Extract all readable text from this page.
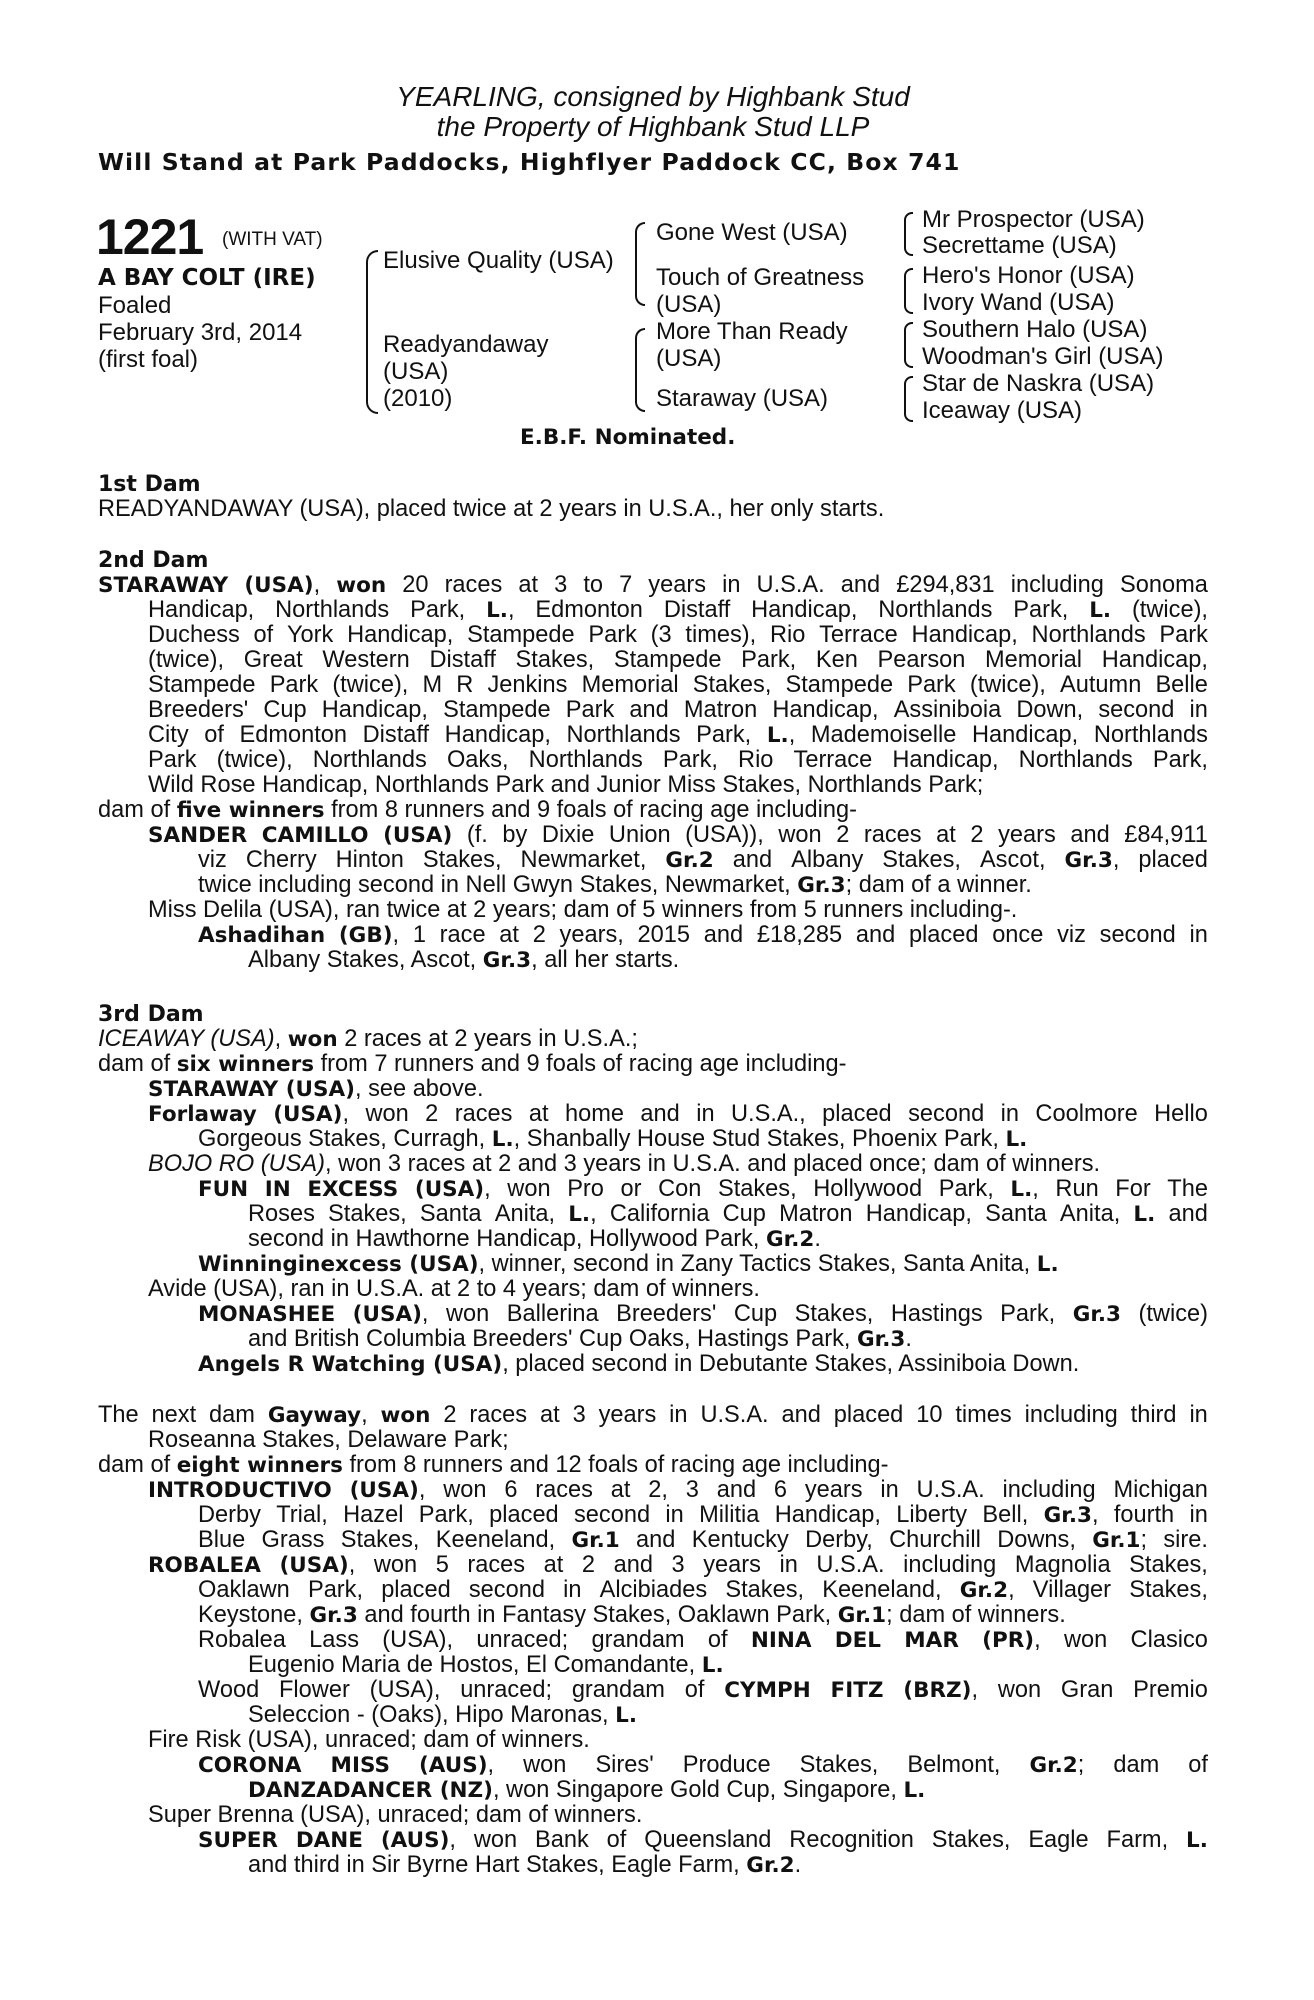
YEARLING, consigned by Highbank Stud
the Property of Highbank Stud LLP
Will Stand at Park Paddocks, Highflyer Paddock CC, Box 741
1221 (WITH VAT)
A BAY COLT (IRE)
Foaled
February 3rd, 2014
(first foal)
Elusive Quality (USA)
Readyandaway
(USA)
(2010)
Gone West (USA)
Touch of Greatness
(USA)
More Than Ready
(USA)
Staraway (USA)
Mr Prospector (USA)
Secrettame (USA)
Hero's Honor (USA)
Ivory Wand (USA)
Southern Halo (USA)
Woodman's Girl (USA)
Star de Naskra (USA)
Iceaway (USA)
E.B.F. Nominated.
1st Dam
READYANDAWAY (USA), placed twice at 2 years in U.S.A., her only starts.
2nd Dam
STARAWAY (USA), won 20 races at 3 to 7 years in U.S.A. and £294,831 including Sonoma
Handicap, Northlands Park, L., Edmonton Distaff Handicap, Northlands Park, L. (twice),
Duchess of York Handicap, Stampede Park (3 times), Rio Terrace Handicap, Northlands Park
(twice), Great Western Distaff Stakes, Stampede Park, Ken Pearson Memorial Handicap,
Stampede Park (twice), M R Jenkins Memorial Stakes, Stampede Park (twice), Autumn Belle
Breeders' Cup Handicap, Stampede Park and Matron Handicap, Assiniboia Down, second in
City of Edmonton Distaff Handicap, Northlands Park, L., Mademoiselle Handicap, Northlands
Park (twice), Northlands Oaks, Northlands Park, Rio Terrace Handicap, Northlands Park,
Wild Rose Handicap, Northlands Park and Junior Miss Stakes, Northlands Park;
dam of five winners from 8 runners and 9 foals of racing age including-
SANDER CAMILLO (USA) (f. by Dixie Union (USA)), won 2 races at 2 years and £84,911
viz Cherry Hinton Stakes, Newmarket, Gr.2 and Albany Stakes, Ascot, Gr.3, placed
twice including second in Nell Gwyn Stakes, Newmarket, Gr.3; dam of a winner.
Miss Delila (USA), ran twice at 2 years; dam of 5 winners from 5 runners including-.
Ashadihan (GB), 1 race at 2 years, 2015 and £18,285 and placed once viz second in
Albany Stakes, Ascot, Gr.3, all her starts.
3rd Dam
ICEAWAY (USA), won 2 races at 2 years in U.S.A.;
dam of six winners from 7 runners and 9 foals of racing age including-
STARAWAY (USA), see above.
Forlaway (USA), won 2 races at home and in U.S.A., placed second in Coolmore Hello
Gorgeous Stakes, Curragh, L., Shanbally House Stud Stakes, Phoenix Park, L.
BOJO RO (USA), won 3 races at 2 and 3 years in U.S.A. and placed once; dam of winners.
FUN IN EXCESS (USA), won Pro or Con Stakes, Hollywood Park, L., Run For The
Roses Stakes, Santa Anita, L., California Cup Matron Handicap, Santa Anita, L. and
second in Hawthorne Handicap, Hollywood Park, Gr.2.
Winninginexcess (USA), winner, second in Zany Tactics Stakes, Santa Anita, L.
Avide (USA), ran in U.S.A. at 2 to 4 years; dam of winners.
MONASHEE (USA), won Ballerina Breeders' Cup Stakes, Hastings Park, Gr.3 (twice)
and British Columbia Breeders' Cup Oaks, Hastings Park, Gr.3.
Angels R Watching (USA), placed second in Debutante Stakes, Assiniboia Down.
The next dam Gayway, won 2 races at 3 years in U.S.A. and placed 10 times including third in
Roseanna Stakes, Delaware Park;
dam of eight winners from 8 runners and 12 foals of racing age including-
INTRODUCTIVO (USA), won 6 races at 2, 3 and 6 years in U.S.A. including Michigan
Derby Trial, Hazel Park, placed second in Militia Handicap, Liberty Bell, Gr.3, fourth in
Blue Grass Stakes, Keeneland, Gr.1 and Kentucky Derby, Churchill Downs, Gr.1; sire.
ROBALEA (USA), won 5 races at 2 and 3 years in U.S.A. including Magnolia Stakes,
Oaklawn Park, placed second in Alcibiades Stakes, Keeneland, Gr.2, Villager Stakes,
Keystone, Gr.3 and fourth in Fantasy Stakes, Oaklawn Park, Gr.1; dam of winners.
Robalea Lass (USA), unraced; grandam of NINA DEL MAR (PR), won Clasico
Eugenio Maria de Hostos, El Comandante, L.
Wood Flower (USA), unraced; grandam of CYMPH FITZ (BRZ), won Gran Premio
Seleccion - (Oaks), Hipo Maronas, L.
Fire Risk (USA), unraced; dam of winners.
CORONA MISS (AUS), won Sires' Produce Stakes, Belmont, Gr.2; dam of
DANZADANCER (NZ), won Singapore Gold Cup, Singapore, L.
Super Brenna (USA), unraced; dam of winners.
SUPER DANE (AUS), won Bank of Queensland Recognition Stakes, Eagle Farm, L.
and third in Sir Byrne Hart Stakes, Eagle Farm, Gr.2.
